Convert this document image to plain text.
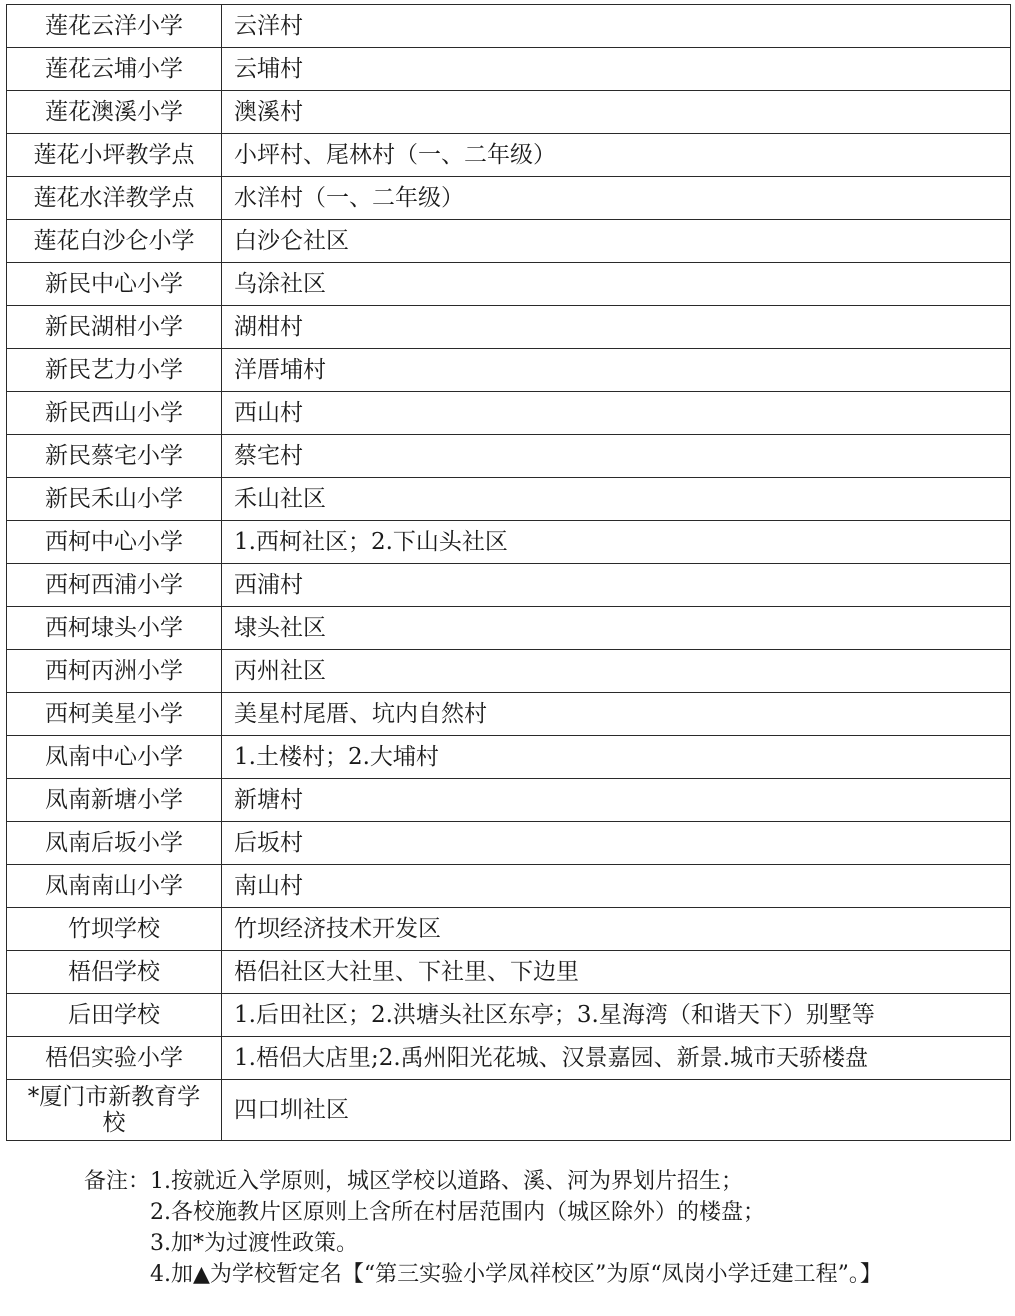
莲花云洋小学	云洋村
莲花云埔小学	云埔村
莲花澳溪小学	澳溪村
莲花小坪教学点	小坪村、尾林村（一、二年级）
莲花水洋教学点	水洋村（一、二年级）
莲花白沙仑小学	白沙仑社区
新民中心小学	乌涂社区
新民湖柑小学	湖柑村
新民艺力小学	洋厝埔村
新民西山小学	西山村
新民蔡宅小学	蔡宅村
新民禾山小学	禾山社区
西柯中心小学	1.西柯社区；2.下山头社区
西柯西浦小学	西浦村
西柯埭头小学	埭头社区
西柯丙洲小学	丙州社区
西柯美星小学	美星村尾厝、坑内自然村
凤南中心小学	1.土楼村；2.大埔村
凤南新塘小学	新塘村
凤南后坂小学	后坂村
凤南南山小学	南山村
竹坝学校	竹坝经济技术开发区
梧侣学校	梧侣社区大社里、下社里、下边里
后田学校	1.后田社区；2.洪塘头社区东亭；3.星海湾（和谐天下）别墅等
梧侣实验小学	1.梧侣大店里;2.禹州阳光花城、汉景嘉园、新景.城市天骄楼盘
*厦门市新教育学校	四口圳社区
备注：1.按就近入学原则，城区学校以道路、溪、河为界划片招生；
2.各校施教片区原则上含所在村居范围内（城区除外）的楼盘；
3.加*为过渡性政策。
4.加▲为学校暂定名【“第三实验小学凤祥校区”为原“凤岗小学迁建工程”。】
